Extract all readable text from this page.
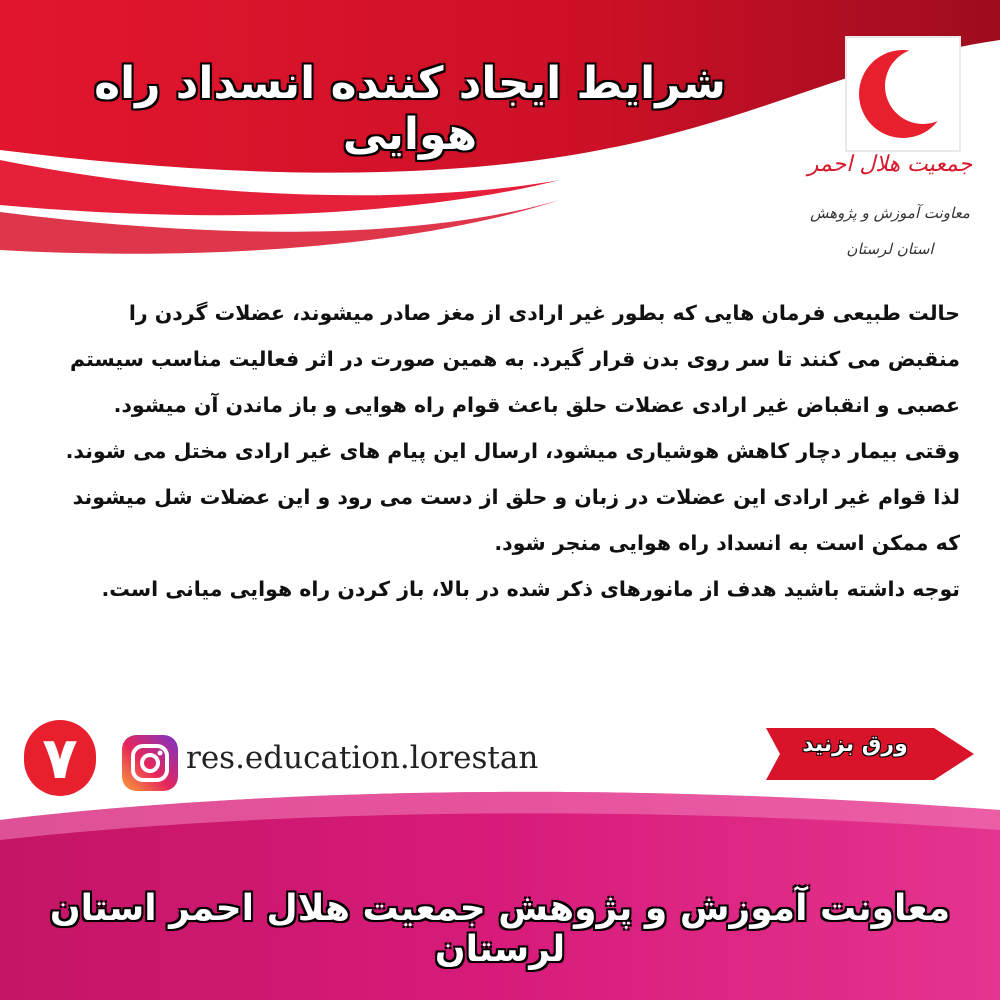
شرایط ایجاد کننده انسداد راه هوایی
جمعیت هلال احمر
معاونت آموزش و پژوهش
استان لرستان
حالت طبیعی فرمان هایی که بطور غیر ارادی از مغز صادر میشوند، عضلات گردن را
منقبض می کنند تا سر روی بدن قرار گیرد. به همین صورت در اثر فعالیت مناسب سیستم
عصبی و انقباض غیر ارادی عضلات حلق باعث قوام راه هوایی و باز ماندن آن میشود.
وقتی بیمار دچار کاهش هوشیاری میشود، ارسال این پیام های غیر ارادی مختل می شوند.
لذا قوام غیر ارادی این عضلات در زبان و حلق از دست می رود و این عضلات شل میشوند
که ممکن است به انسداد راه هوایی منجر شود.
توجه داشته باشید هدف از مانورهای ذکر شده در بالا، باز کردن راه هوایی میانی است.
۷	res.education.lorestan	ورق بزنید
معاونت آموزش و پژوهش جمعیت هلال احمر استان لرستان
